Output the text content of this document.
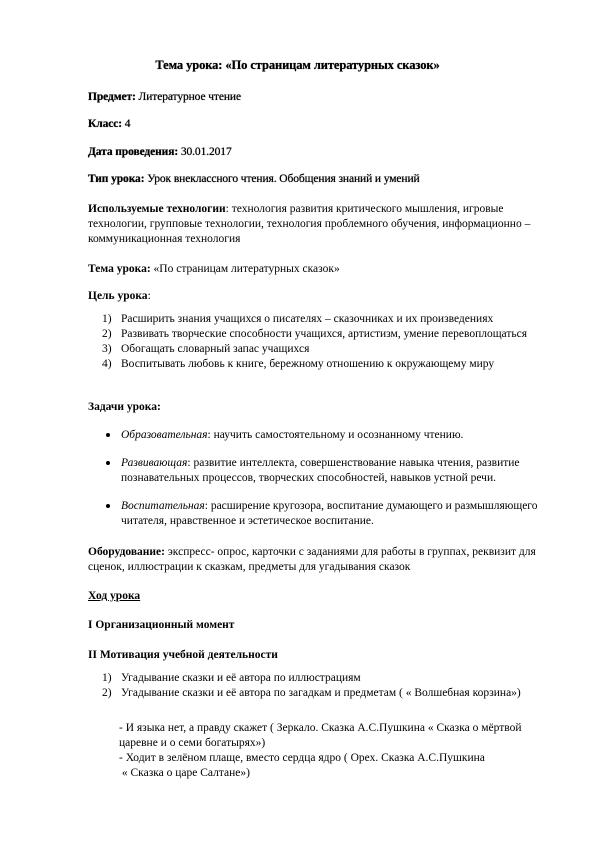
Тема урока: «По страницам литературных сказок»

Предмет: Литературное чтение

Класс: 4

Дата проведения: 30.01.2017

Тип урока: Урок внеклассного чтения. Обобщения знаний и умений

Используемые технологии: технология развития критического мышления, игровые технологии, групповые технологии, технология проблемного обучения, информационно – коммуникационная технология

Тема урока: «По страницам литературных сказок»

Цель урока:

1) Расширить знания учащихся о писателях – сказочниках и их произведениях
2) Развивать творческие способности учащихся, артистизм, умение перевоплощаться
3) Обогащать словарный запас учащихся
4) Воспитывать любовь к книге, бережному отношению к окружающему миру

Задачи урока:

Образовательная: научить самостоятельному и осознанному чтению.
Развивающая: развитие интеллекта, совершенствование навыка чтения, развитие познавательных процессов, творческих способностей, навыков устной речи.
Воспитательная: расширение кругозора, воспитание думающего и размышляющего читателя, нравственное и эстетическое воспитание.

Оборудование: экспресс- опрос, карточки с заданиями для работы в группах, реквизит для сценок, иллюстрации к сказкам, предметы для угадывания сказок

Ход урока

I Организационный момент

II Мотивация учебной деятельности

1) Угадывание сказки и её автора по иллюстрациям
2) Угадывание сказки и её автора по загадкам и предметам ( « Волшебная корзина»)

- И языка нет, а правду скажет ( Зеркало. Сказка А.С.Пушкина « Сказка о мёртвой царевне и о семи богатырях»)

- Ходит в зелёном плаще, вместо сердца ядро ( Орех. Сказка А.С.Пушкина

« Сказка о царе Салтане»)
